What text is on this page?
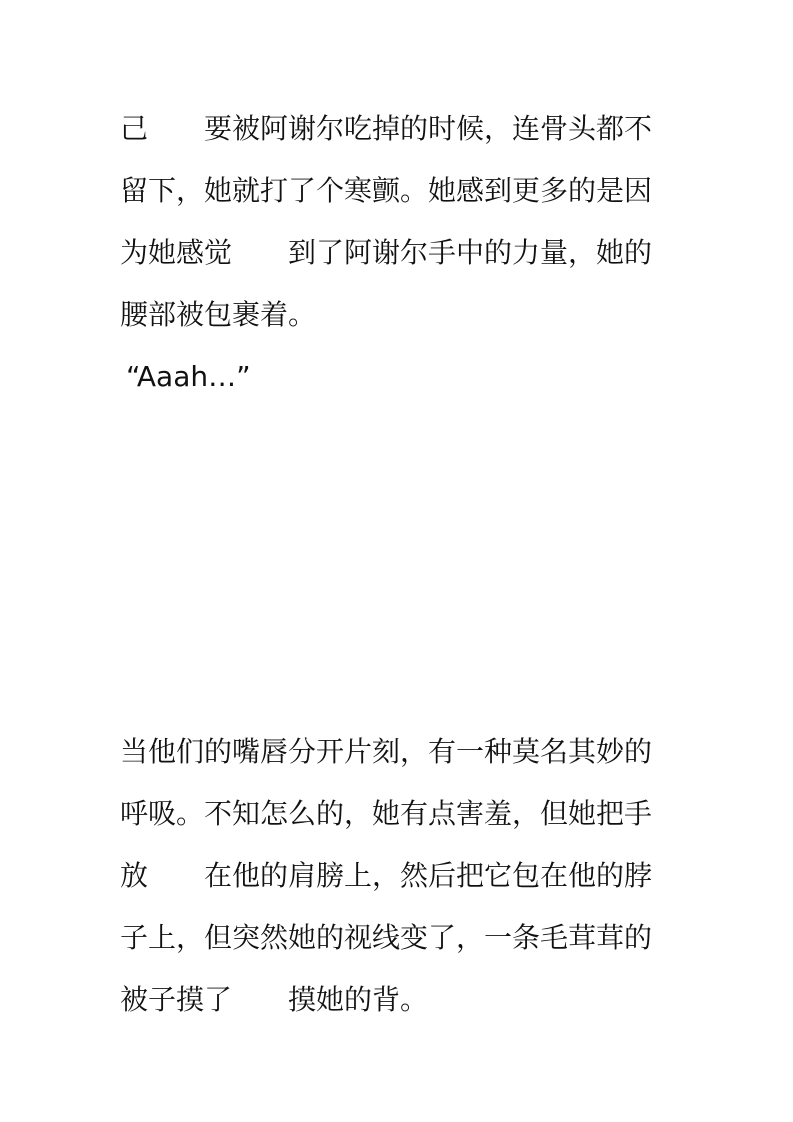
己　　要被阿谢尔吃掉的时候，连骨头都不
留下，她就打了个寒颤。她感到更多的是因
为她感觉　　到了阿谢尔手中的力量，她的
腰部被包裹着。
“Aaah…”
当他们的嘴唇分开片刻，有一种莫名其妙的
呼吸。不知怎么的，她有点害羞，但她把手
放　　在他的肩膀上，然后把它包在他的脖
子上，但突然她的视线变了，一条毛茸茸的
被子摸了　　摸她的背。
